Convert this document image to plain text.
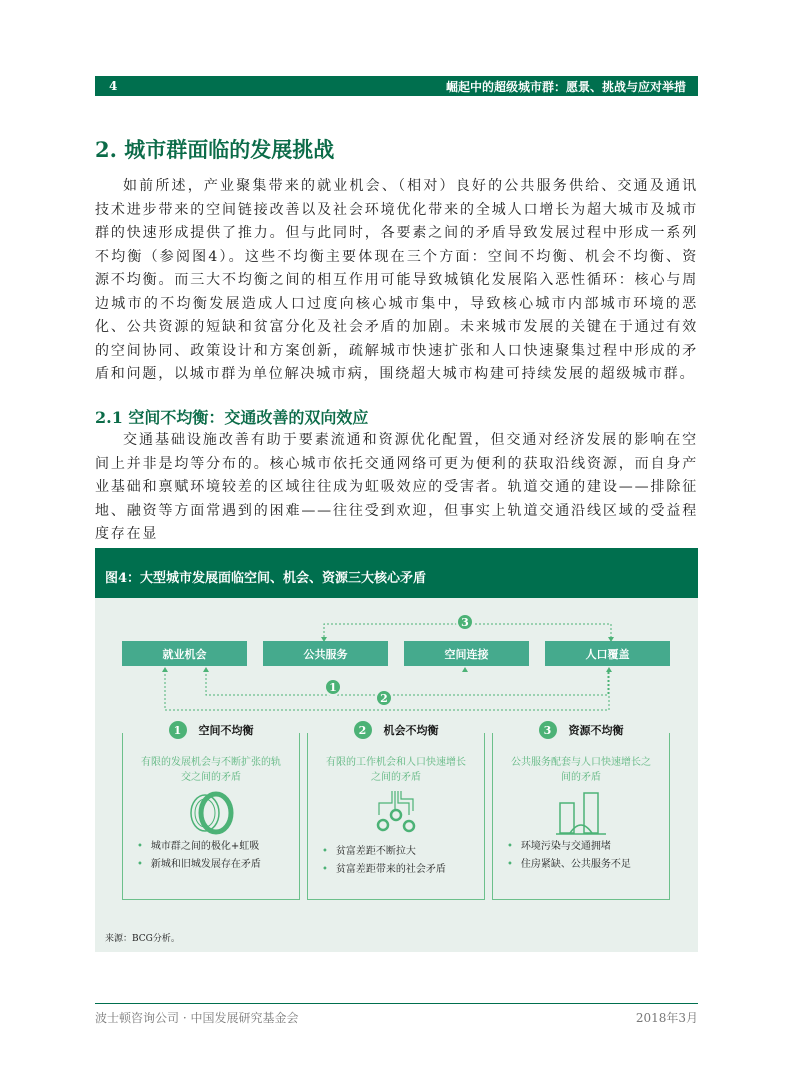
4	崛起中的超级城市群：愿景、挑战与应对举措
2. 城市群面临的发展挑战

如前所述，产业聚集带来的就业机会、（相对）良好的公共服务供给、交通及通讯技术进步带来的空间链接改善以及社会环境优化带来的全城人口增长为超大城市及城市群的快速形成提供了推力。但与此同时，各要素之间的矛盾导致发展过程中形成一系列不均衡（参阅图4）。这些不均衡主要体现在三个方面：空间不均衡、机会不均衡、资源不均衡。而三大不均衡之间的相互作用可能导致城镇化发展陷入恶性循环：核心与周边城市的不均衡发展造成人口过度向核心城市集中，导致核心城市内部城市环境的恶化、公共资源的短缺和贫富分化及社会矛盾的加剧。未来城市发展的关键在于通过有效的空间协同、政策设计和方案创新，疏解城市快速扩张和人口快速聚集过程中形成的矛盾和问题，以城市群为单位解决城市病，围绕超大城市构建可持续发展的超级城市群。

2.1 空间不均衡：交通改善的双向效应

交通基础设施改善有助于要素流通和资源优化配置，但交通对经济发展的影响在空间上并非是均等分布的。核心城市依托交通网络可更为便利的获取沿线资源，而自身产业基础和禀赋环境较差的区域往往成为虹吸效应的受害者。轨道交通的建设——排除征地、融资等方面常遇到的困难——往往受到欢迎，但事实上轨道交通沿线区域的受益程度存在显

图4：大型城市发展面临空间、机会、资源三大核心矛盾
就业机会	公共服务	空间连接	人口覆盖
1
2
3
1	空间不均衡
有限的发展机会与不断扩张的轨交之间的矛盾
• 城市群之间的极化+虹吸
• 新城和旧城发展存在矛盾
2	机会不均衡
有限的工作机会和人口快速增长之间的矛盾
• 贫富差距不断拉大
• 贫富差距带来的社会矛盾
3	资源不均衡
公共服务配套与人口快速增长之间的矛盾
• 环境污染与交通拥堵
• 住房紧缺、公共服务不足
来源：BCG分析。
波士顿咨询公司 · 中国发展研究基金会	2018年3月
